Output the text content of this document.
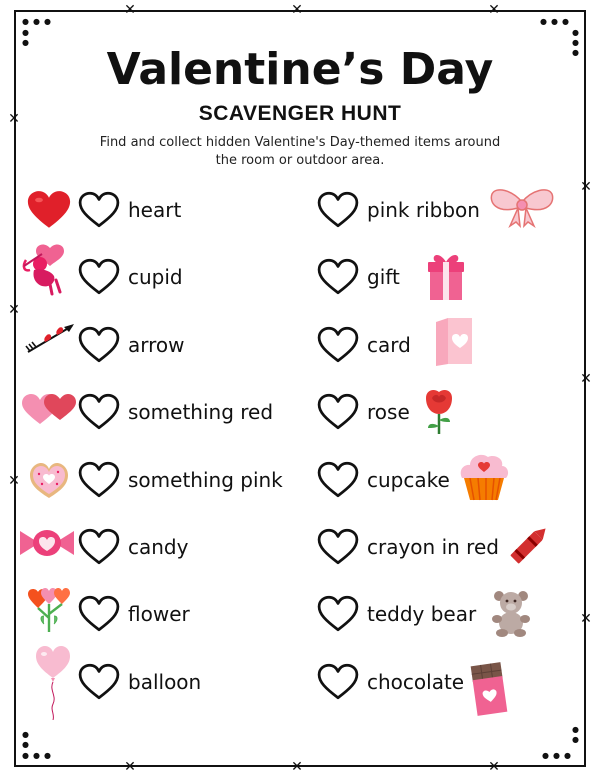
●●●
●
●
●●●
●
●
●
●
●
●●●
●
●
●●●
✕	✕	✕
✕
✕
✕
✕
✕
✕
✕	✕	✕
Valentine’s Day
SCAVENGER HUNT
Find and collect hidden Valentine's Day-themed items around the room or outdoor area.
heart
cupid
arrow
something red
something pink
candy
flower
balloon
pink ribbon
gift
card
rose
cupcake
crayon in red
teddy bear
chocolate
